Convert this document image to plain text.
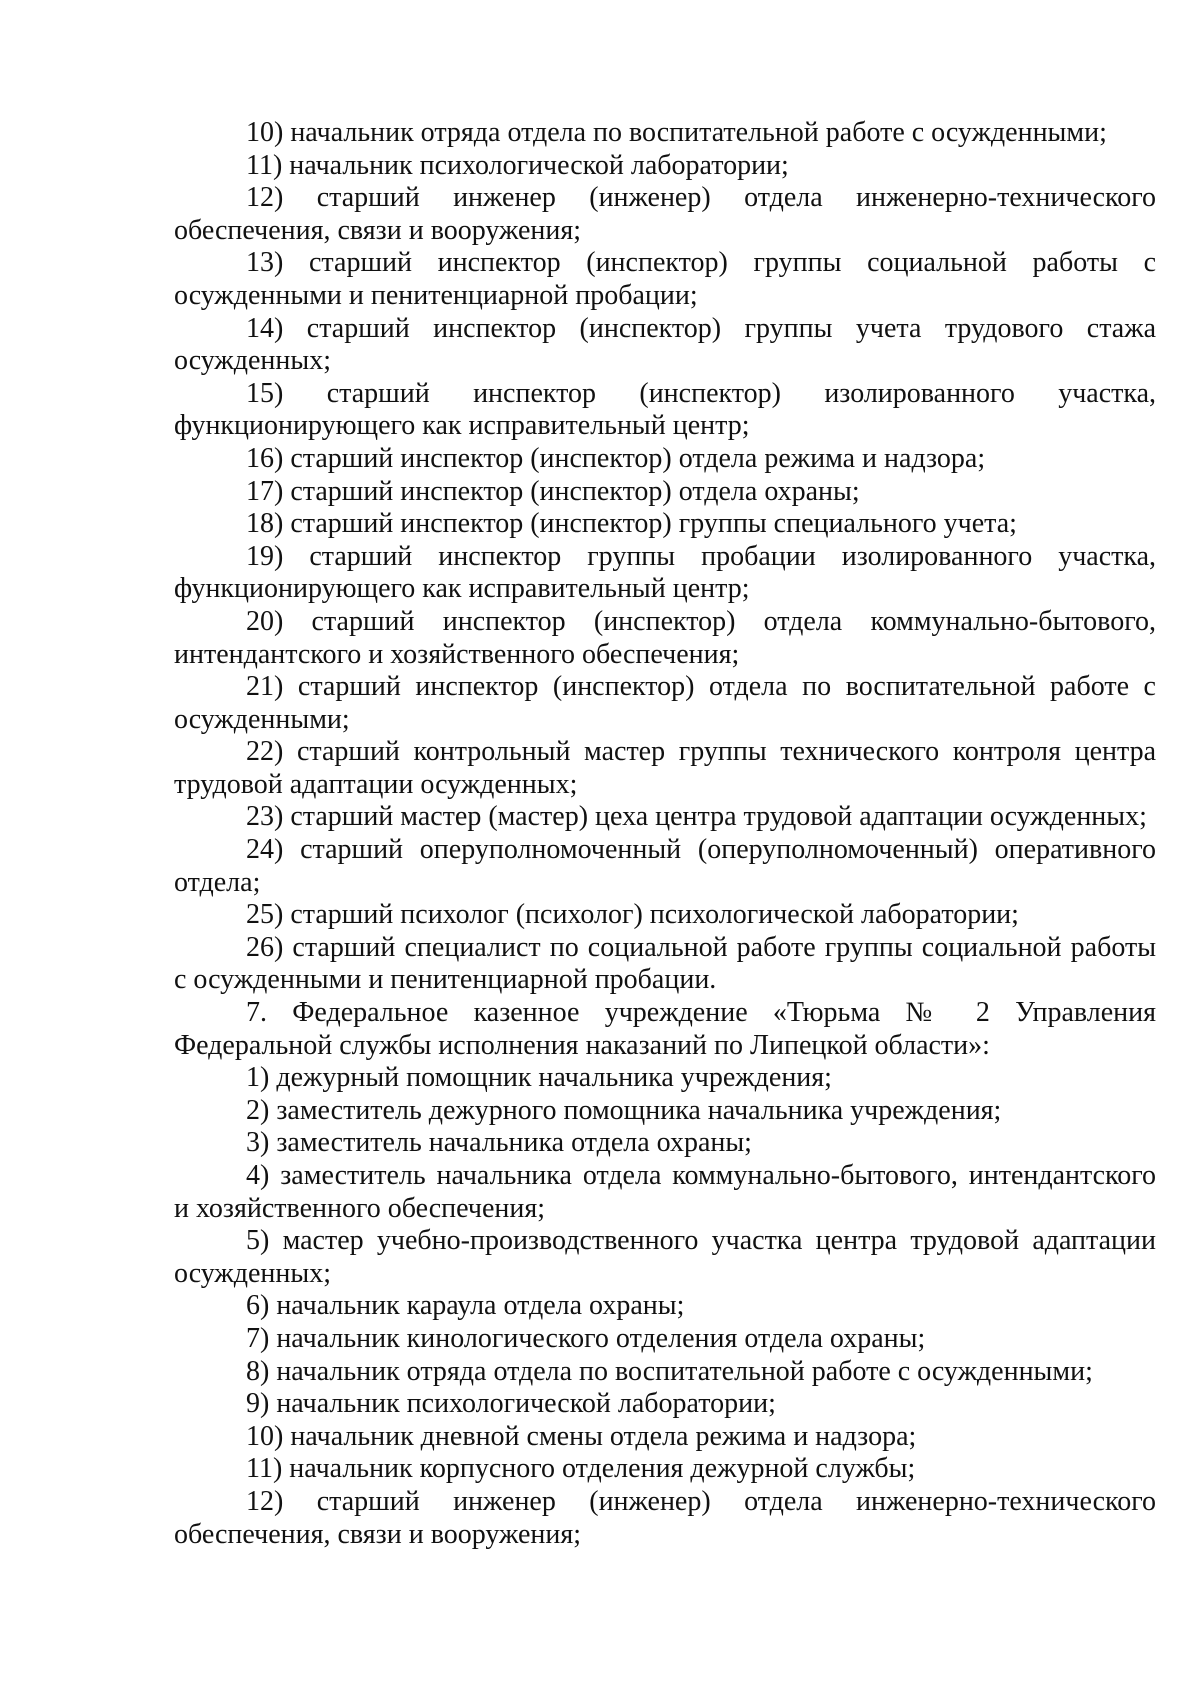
10) начальник отряда отдела по воспитательной работе с осужденными;

11) начальник психологической лаборатории;

12) старший инженер (инженер) отдела инженерно-технического обеспечения, связи и вооружения;

13) старший инспектор (инспектор) группы социальной работы с осужденными и пенитенциарной пробации;

14) старший инспектор (инспектор) группы учета трудового стажа осужденных;

15) старший инспектор (инспектор) изолированного участка, функционирующего как исправительный центр;

16) старший инспектор (инспектор) отдела режима и надзора;

17) старший инспектор (инспектор) отдела охраны;

18) старший инспектор (инспектор) группы специального учета;

19) старший инспектор группы пробации изолированного участка, функционирующего как исправительный центр;

20) старший инспектор (инспектор) отдела коммунально-бытового, интендантского и хозяйственного обеспечения;

21) старший инспектор (инспектор) отдела по воспитательной работе с осужденными;

22) старший контрольный мастер группы технического контроля центра трудовой адаптации осужденных;

23) старший мастер (мастер) цеха центра трудовой адаптации осужденных;

24) старший оперуполномоченный (оперуполномоченный) оперативного отдела;

25) старший психолог (психолог) психологической лаборатории;

26) старший специалист по социальной работе группы социальной работы с осужденными и пенитенциарной пробации.

7. Федеральное казенное учреждение «Тюрьма № 2 Управления Федеральной службы исполнения наказаний по Липецкой области»:

1) дежурный помощник начальника учреждения;

2) заместитель дежурного помощника начальника учреждения;

3) заместитель начальника отдела охраны;

4) заместитель начальника отдела коммунально-бытового, интендантского и хозяйственного обеспечения;

5) мастер учебно-производственного участка центра трудовой адаптации осужденных;

6) начальник караула отдела охраны;

7) начальник кинологического отделения отдела охраны;

8) начальник отряда отдела по воспитательной работе с осужденными;

9) начальник психологической лаборатории;

10) начальник дневной смены отдела режима и надзора;

11) начальник корпусного отделения дежурной службы;

12) старший инженер (инженер) отдела инженерно-технического обеспечения, связи и вооружения;
